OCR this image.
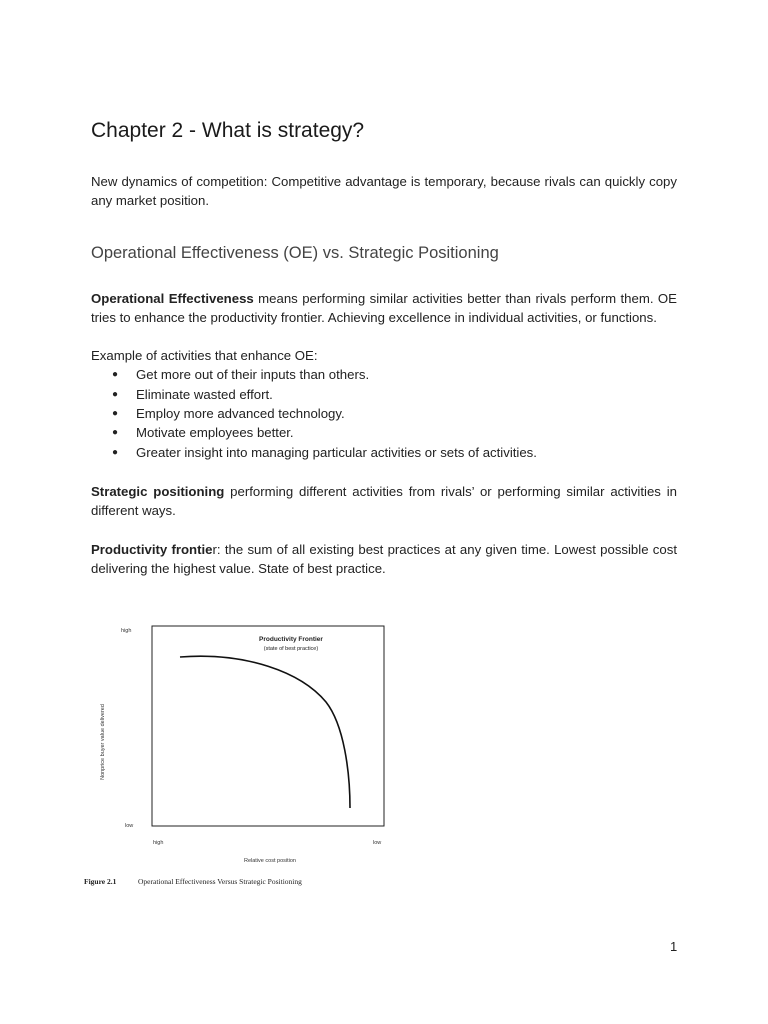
Chapter 2 - What is strategy?

New dynamics of competition: Competitive advantage is temporary, because rivals can quickly copy any market position.

Operational Effectiveness (OE) vs. Strategic Positioning

Operational Effectiveness means performing similar activities better than rivals perform them. OE tries to enhance the productivity frontier. Achieving excellence in individual activities, or functions.

Example of activities that enhance OE:

● Get more out of their inputs than others.
● Eliminate wasted effort.
● Employ more advanced technology.
● Motivate employees better.
● Greater insight into managing particular activities or sets of activities.

Strategic positioning performing different activities from rivals’ or performing similar activities in different ways.

Productivity frontier: the sum of all existing best practices at any given time. Lowest possible cost delivering the highest value. State of best practice.

Productivity Frontier
(state of best practice)
high
low
Nonprice buyer value delivered
high	low
Relative cost position
Figure 2.1	Operational Effectiveness Versus Strategic Positioning
1
